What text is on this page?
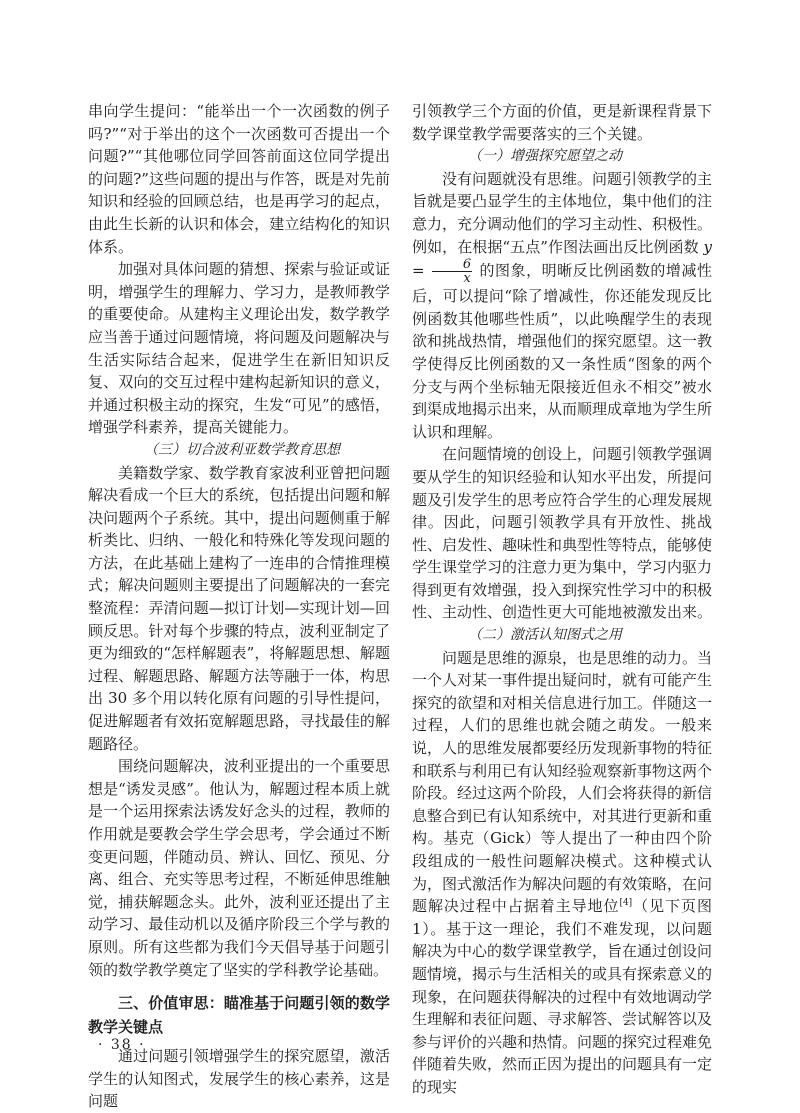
串向学生提问：“能举出一个一次函数的例子吗?”“对于举出的这个一次函数可否提出一个问题?”“其他哪位同学回答前面这位同学提出的问题?”这些问题的提出与作答，既是对先前知识和经验的回顾总结，也是再学习的起点，由此生长新的认识和体会，建立结构化的知识体系。

加强对具体问题的猜想、探索与验证或证明，增强学生的理解力、学习力，是教师教学的重要使命。从建构主义理论出发，数学教学应当善于通过问题情境，将问题及问题解决与生活实际结合起来，促进学生在新旧知识反复、双向的交互过程中建构起新知识的意义，并通过积极主动的探究，生发“可见”的感悟，增强学科素养，提高关键能力。

（三）切合波利亚数学教育思想

美籍数学家、数学教育家波利亚曾把问题解决看成一个巨大的系统，包括提出问题和解决问题两个子系统。其中，提出问题侧重于解析类比、归纳、一般化和特殊化等发现问题的方法，在此基础上建构了一连串的合情推理模式；解决问题则主要提出了问题解决的一套完整流程：弄清问题—拟订计划—实现计划—回顾反思。针对每个步骤的特点，波利亚制定了更为细致的“怎样解题表”，将解题思想、解题过程、解题思路、解题方法等融于一体，构思出 30 多个用以转化原有问题的引导性提问，促进解题者有效拓宽解题思路，寻找最佳的解题路径。

围绕问题解决，波利亚提出的一个重要思想是“诱发灵感”。他认为，解题过程本质上就是一个运用探索法诱发好念头的过程，教师的作用就是要教会学生学会思考，学会通过不断变更问题，伴随动员、辨认、回忆、预见、分离、组合、充实等思考过程，不断延伸思维触觉，捕获解题念头。此外，波利亚还提出了主动学习、最佳动机以及循序阶段三个学与教的原则。所有这些都为我们今天倡导基于问题引领的数学教学奠定了坚实的学科教学论基础。

三、价值审思：瞄准基于问题引领的数学教学关键点

通过问题引领增强学生的探究愿望，激活学生的认知图式，发展学生的核心素养，这是问题

引领教学三个方面的价值，更是新课程背景下数学课堂教学需要落实的三个关键。

（一）增强探究愿望之动

没有问题就没有思维。问题引领教学的主旨就是要凸显学生的主体地位，集中他们的注意力，充分调动他们的学习主动性、积极性。例如，在根据“五点”作图法画出反比例函数 $y = \frac{6}{x}$ 的图象，明晰反比例函数的增减性后，可以提问“除了增减性，你还能发现反比例函数其他哪些性质”，以此唤醒学生的表现欲和挑战热情，增强他们的探究愿望。这一教学使得反比例函数的又一条性质“图象的两个分支与两个坐标轴无限接近但永不相交”被水到渠成地揭示出来，从而顺理成章地为学生所认识和理解。

在问题情境的创设上，问题引领教学强调要从学生的知识经验和认知水平出发，所提问题及引发学生的思考应符合学生的心理发展规律。因此，问题引领教学具有开放性、挑战性、启发性、趣味性和典型性等特点，能够使学生课堂学习的注意力更为集中，学习内驱力得到更有效增强，投入到探究性学习中的积极性、主动性、创造性更大可能地被激发出来。

（二）激活认知图式之用

问题是思维的源泉，也是思维的动力。当一个人对某一事件提出疑问时，就有可能产生探究的欲望和对相关信息进行加工。伴随这一过程，人们的思维也就会随之萌发。一般来说，人的思维发展都要经历发现新事物的特征和联系与利用已有认知经验观察新事物这两个阶段。经过这两个阶段，人们会将获得的新信息整合到已有认知系统中，对其进行更新和重构。基克（Gick）等人提出了一种由四个阶段组成的一般性问题解决模式。这种模式认为，图式激活作为解决问题的有效策略，在问题解决过程中占据着主导地位[4]（见下页图 1）。基于这一理论，我们不难发现，以问题解决为中心的数学课堂教学，旨在通过创设问题情境，揭示与生活相关的或具有探索意义的现象，在问题获得解决的过程中有效地调动学生理解和表征问题、寻求解答、尝试解答以及参与评价的兴趣和热情。问题的探究过程难免伴随着失败，然而正因为提出的问题具有一定的现实

· 38 ·
